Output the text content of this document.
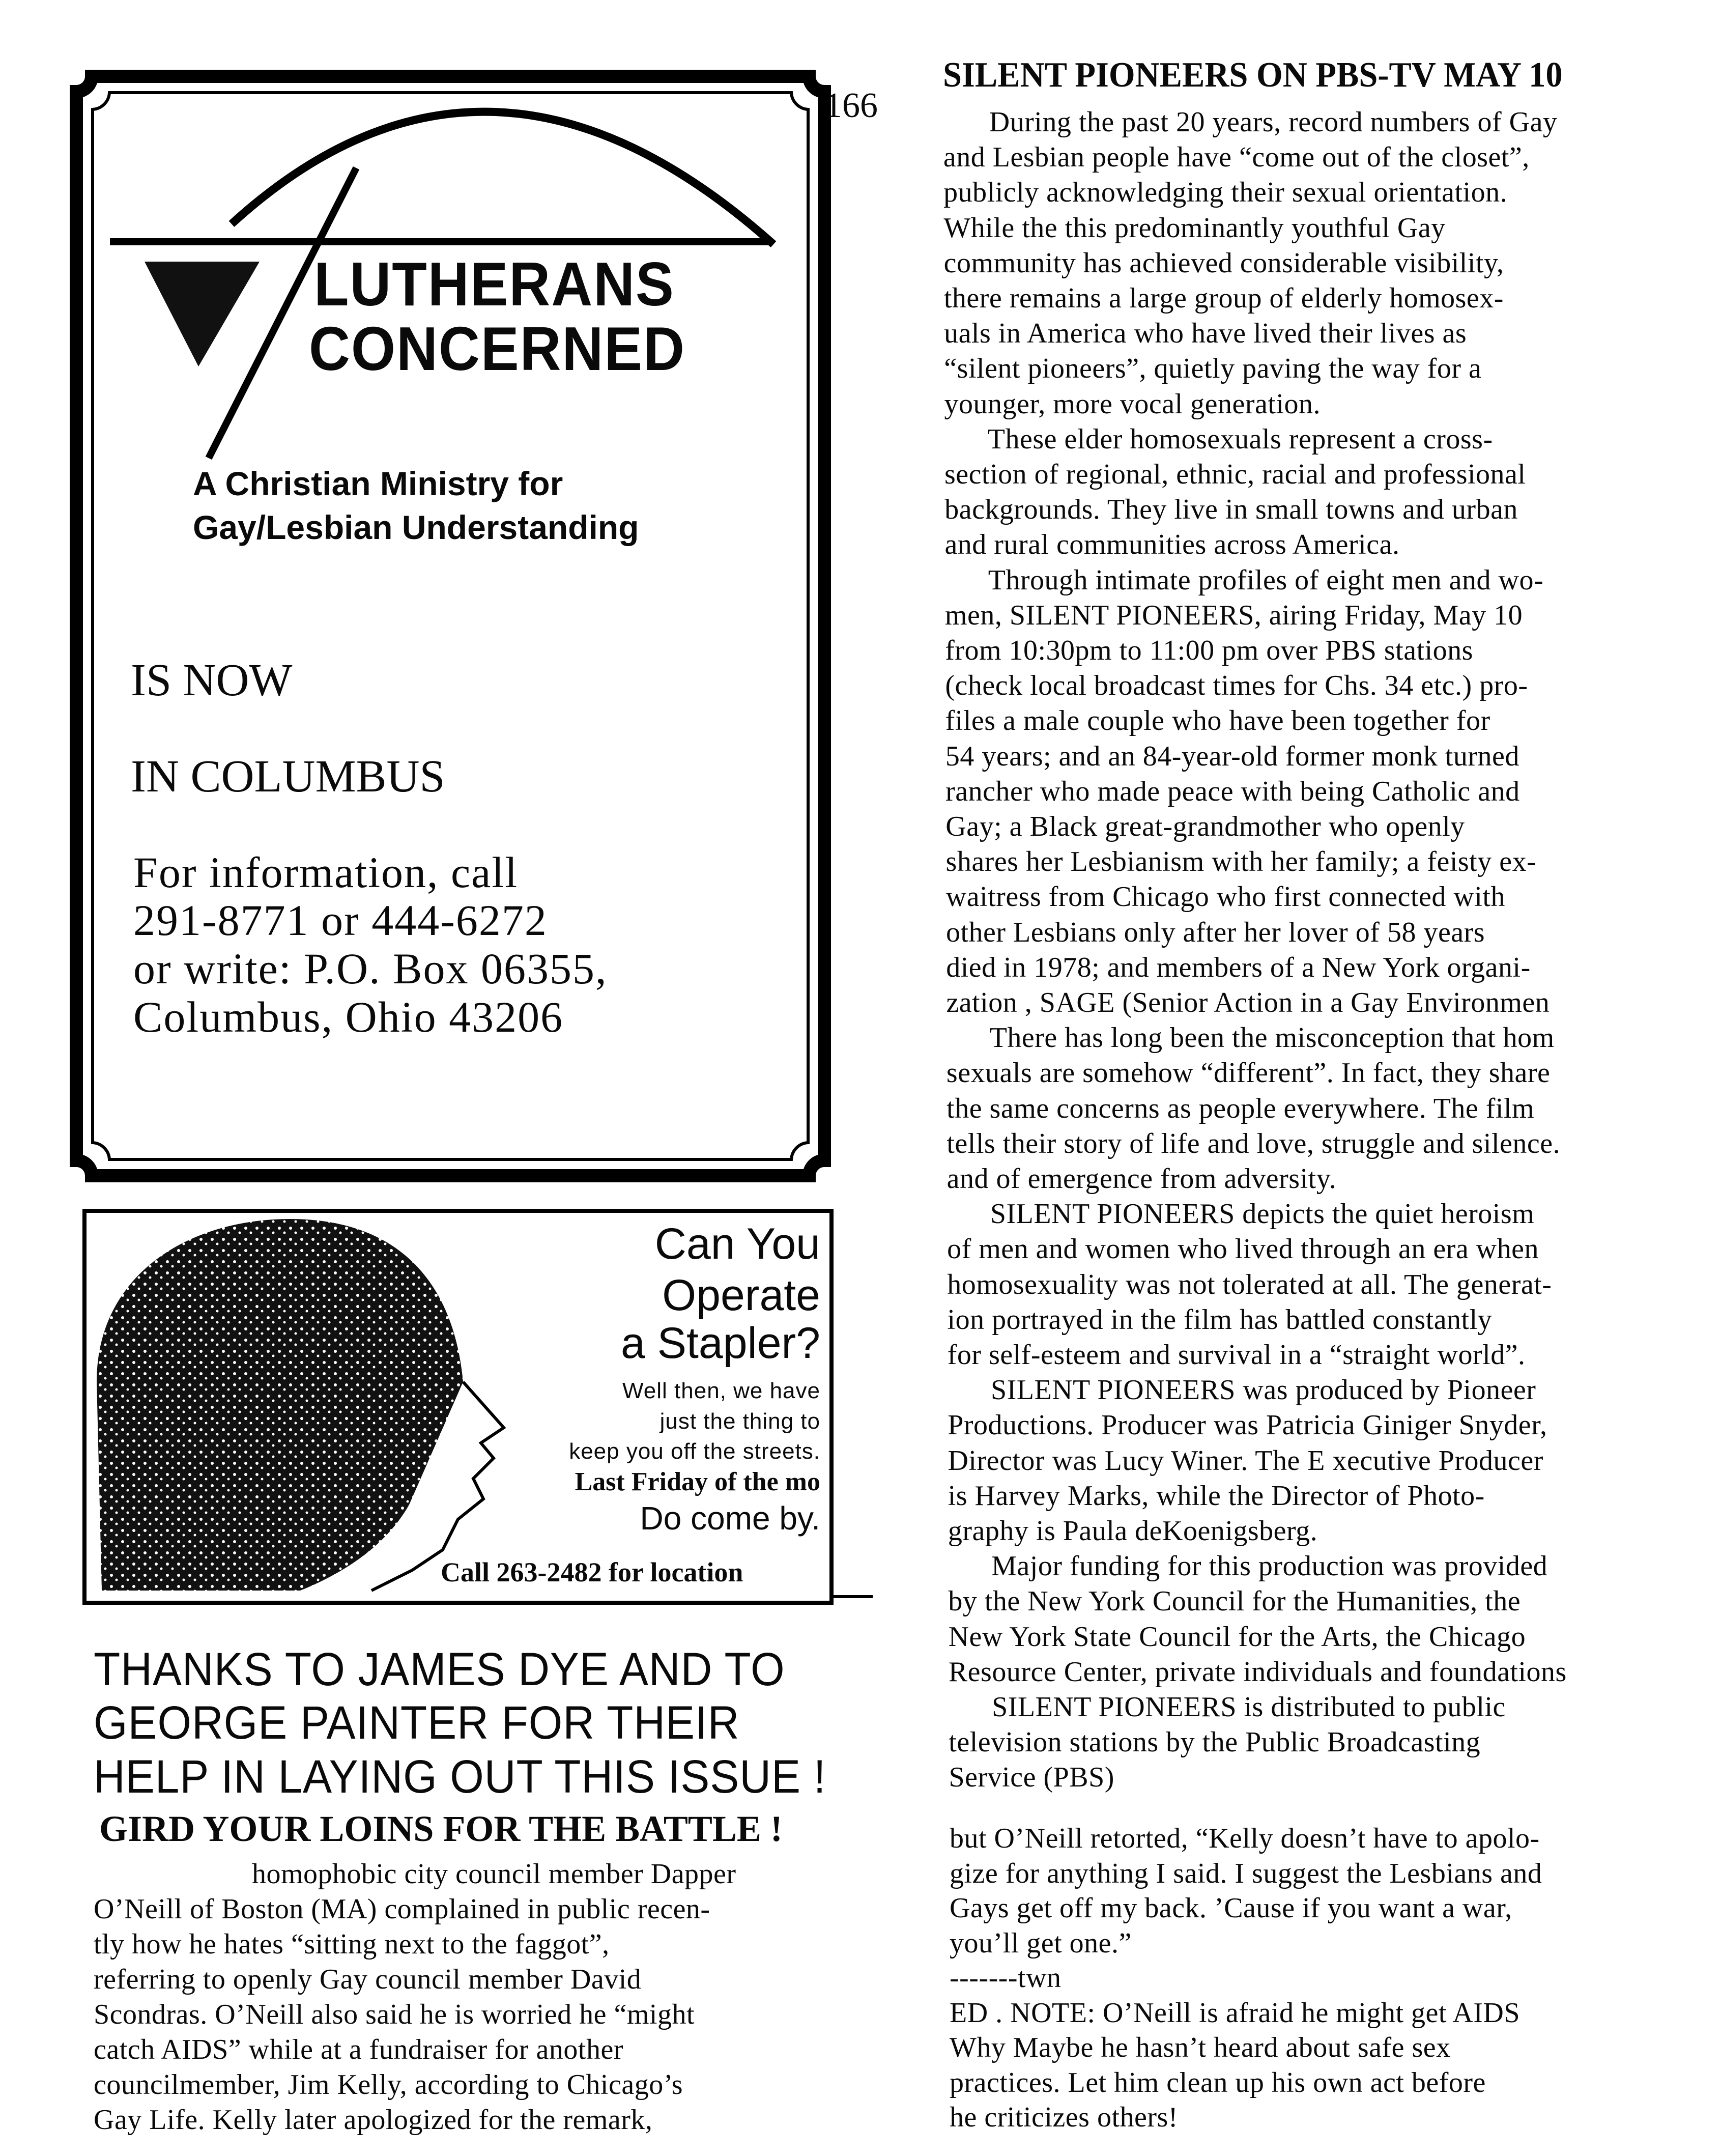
166
LUTHERANS
CONCERNED
A Christian Ministry for
Gay/Lesbian Understanding
IS NOW
IN COLUMBUS
For information, call
291-8771 or 444-6272
or write: P.O. Box 06355,
Columbus, Ohio 43206
Can You
Operate
a Stapler?
Well then, we have
just the thing to
keep you off the streets.
Last Friday of the mo
Do come by.
Call 263-2482 for location
THANKS TO JAMES DYE AND TO
GEORGE PAINTER FOR THEIR
HELP IN LAYING OUT THIS ISSUE !
GIRD YOUR LOINS FOR THE BATTLE !
homophobic city council member Dapper
O’Neill of Boston (MA) complained in public recen-
tly how he hates “sitting next to the faggot”,
referring to openly Gay council member David
Scondras. O’Neill also said he is worried he “might
catch AIDS” while at a fundraiser for another
councilmember, Jim Kelly, according to Chicago’s
Gay Life. Kelly later apologized for the remark,
but O’Neill retorted, “Kelly doesn’t have to apolo-
gize for anything I said. I suggest the Lesbians and
Gays get off my back. ’Cause if you want a war,
you’ll get one.”
-------twn
ED . NOTE: O’Neill is afraid he might get AIDS
Why Maybe he hasn’t heard about safe sex
practices. Let him clean up his own act before
he criticizes others!
SILENT PIONEERS ON PBS-TV MAY 10
During the past 20 years, record numbers of Gay
and Lesbian people have “come out of the closet”,
publicly acknowledging their sexual orientation.
While the this predominantly youthful Gay
community has achieved considerable visibility,
there remains a large group of elderly homosex-
uals in America who have lived their lives as
“silent pioneers”, quietly paving the way for a
younger, more vocal generation.
These elder homosexuals represent a cross-
section of regional, ethnic, racial and professional
backgrounds. They live in small towns and urban
and rural communities across America.
Through intimate profiles of eight men and wo-
men, SILENT PIONEERS, airing Friday, May 10
from 10:30pm to 11:00 pm over PBS stations
(check local broadcast times for Chs. 34 etc.) pro-
files a male couple who have been together for
54 years; and an 84-year-old former monk turned
rancher who made peace with being Catholic and
Gay; a Black great-grandmother who openly
shares her Lesbianism with her family; a feisty ex-
waitress from Chicago who first connected with
other Lesbians only after her lover of 58 years
died in 1978; and members of a New York organi-
zation , SAGE (Senior Action in a Gay Environmen
There has long been the misconception that hom
sexuals are somehow “different”. In fact, they share
the same concerns as people everywhere. The film
tells their story of life and love, struggle and silence.
and of emergence from adversity.
SILENT PIONEERS depicts the quiet heroism
of men and women who lived through an era when
homosexuality was not tolerated at all. The generat-
ion portrayed in the film has battled constantly
for self-esteem and survival in a “straight world”.
SILENT PIONEERS was produced by Pioneer
Productions. Producer was Patricia Giniger Snyder,
Director was Lucy Winer. The E xecutive Producer
is Harvey Marks, while the Director of Photo-
graphy is Paula deKoenigsberg.
Major funding for this production was provided
by the New York Council for the Humanities, the
New York State Council for the Arts, the Chicago
Resource Center, private individuals and foundations
SILENT PIONEERS is distributed to public
television stations by the Public Broadcasting
Service (PBS)
